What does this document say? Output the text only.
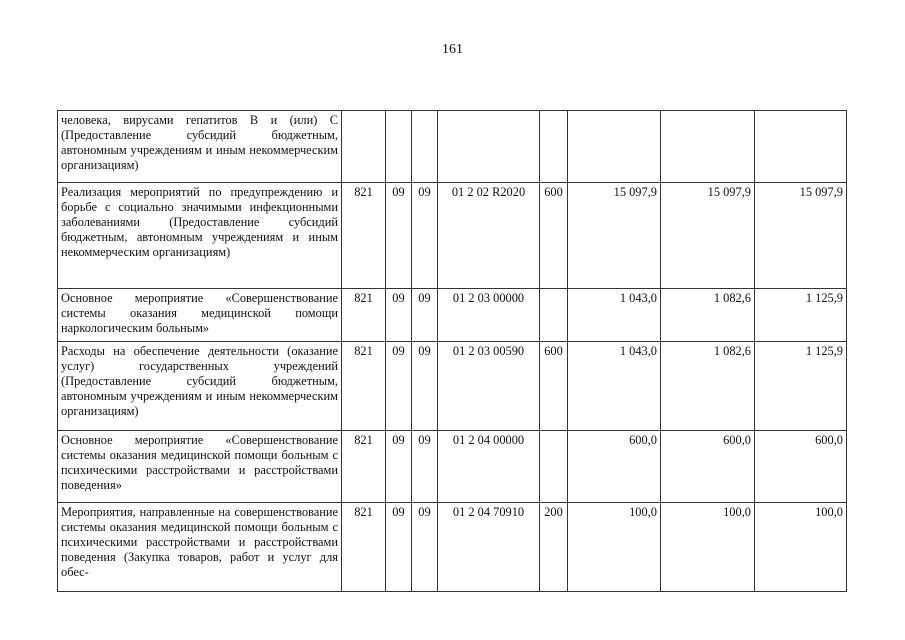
161
человека, вирусами гепатитов В и (или) С (Предоставление субсидий бюджетным, автономным учреждениям и иным некоммерческим организациям)								
Реализация мероприятий по предупреждению и борьбе с социально значимыми инфекционными заболеваниями (Предоставление субсидий бюджетным, автономным учреждениям и иным некоммерческим организациям)	821	09	09	01 2 02 R2020	600	15 097,9	15 097,9	15 097,9
Основное мероприятие «Совершенствование системы оказания медицинской помощи наркологическим больным»	821	09	09	01 2 03 00000		1 043,0	1 082,6	1 125,9
Расходы на обеспечение деятельности (оказание услуг) государственных учреждений (Предоставление субсидий бюджетным, автономным учреждениям и иным некоммерческим организациям)	821	09	09	01 2 03 00590	600	1 043,0	1 082,6	1 125,9
Основное мероприятие «Совершенствование системы оказания медицинской помощи больным с психическими расстройствами и расстройствами поведения»	821	09	09	01 2 04 00000		600,0	600,0	600,0
Мероприятия, направленные на совершенствование системы оказания медицинской помощи больным с психическими расстройствами и расстройствами поведения (Закупка товаров, работ и услуг для обес-	821	09	09	01 2 04 70910	200	100,0	100,0	100,0
